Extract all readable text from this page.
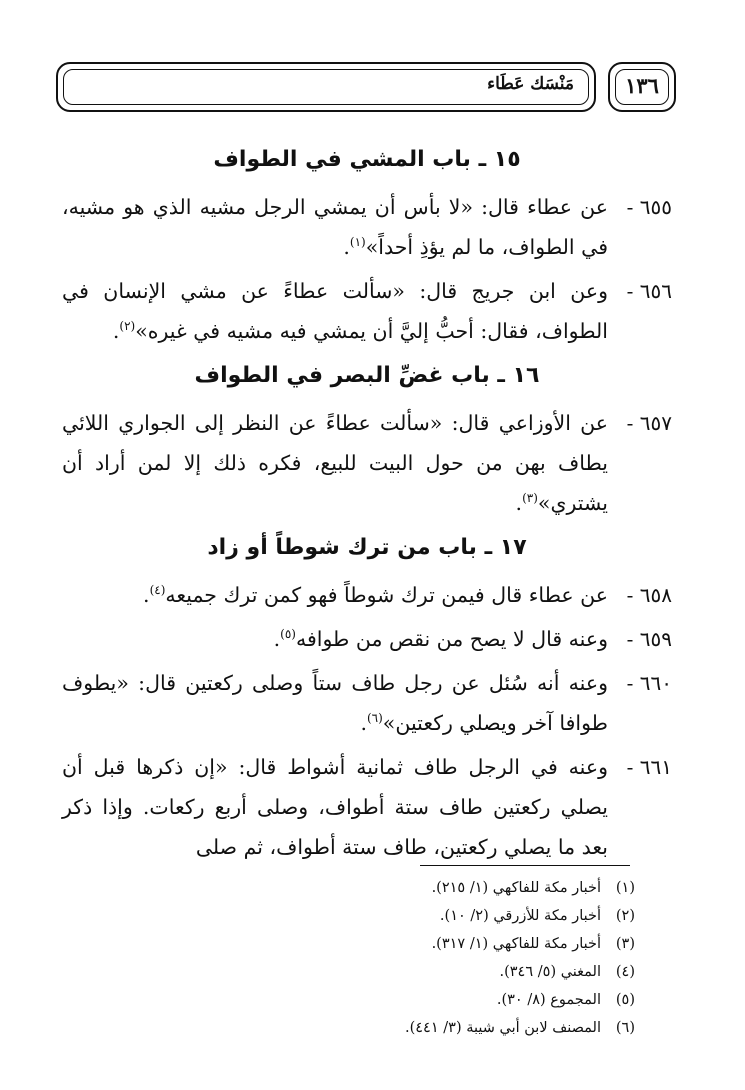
مَنْسَك عَطَاء	١٣٦
١٥ ـ باب المشي في الطواف
٦٥٥ -
عن عطاء قال: «لا بأس أن يمشي الرجل مشيه الذي هو مشيه، في الطواف، ما لم يؤذِ أحداً»$^{(١)}$.
٦٥٦ -
وعن ابن جريج قال: «سألت عطاءً عن مشي الإنسان في الطواف، فقال: أحبُّ إليَّ أن يمشي فيه مشيه في غيره»$^{(٢)}$.
١٦ ـ باب غضِّ البصر في الطواف
٦٥٧ -
عن الأوزاعي قال: «سألت عطاءً عن النظر إلى الجواري اللائي يطاف بهن من حول البيت للبيع، فكره ذلك إلا لمن أراد أن يشتري»$^{(٣)}$.
١٧ ـ باب من ترك شوطاً أو زاد
٦٥٨ -
عن عطاء قال فيمن ترك شوطاً فهو كمن ترك جميعه$^{(٤)}$.
٦٥٩ -
وعنه قال لا يصح من نقص من طوافه$^{(٥)}$.
٦٦٠ -
وعنه أنه سُئل عن رجل طاف ستاً وصلى ركعتين قال: «يطوف طوافا آخر ويصلي ركعتين»$^{(٦)}$.
٦٦١ -
وعنه في الرجل طاف ثمانية أشواط قال: «إن ذكرها قبل أن يصلي ركعتين طاف ستة أطواف، وصلى أربع ركعات. وإذا ذكر بعد ما يصلي ركعتين، طاف ستة أطواف، ثم صلى
(١)أخبار مكة للفاكهي (١/ ٢١٥).
(٢)أخبار مكة للأزرقي (٢/ ١٠).
(٣)أخبار مكة للفاكهي (١/ ٣١٧).
(٤)المغني (٥/ ٣٤٦).
(٥)المجموع (٨/ ٣٠).
(٦)المصنف لابن أبي شيبة (٣/ ٤٤١).
